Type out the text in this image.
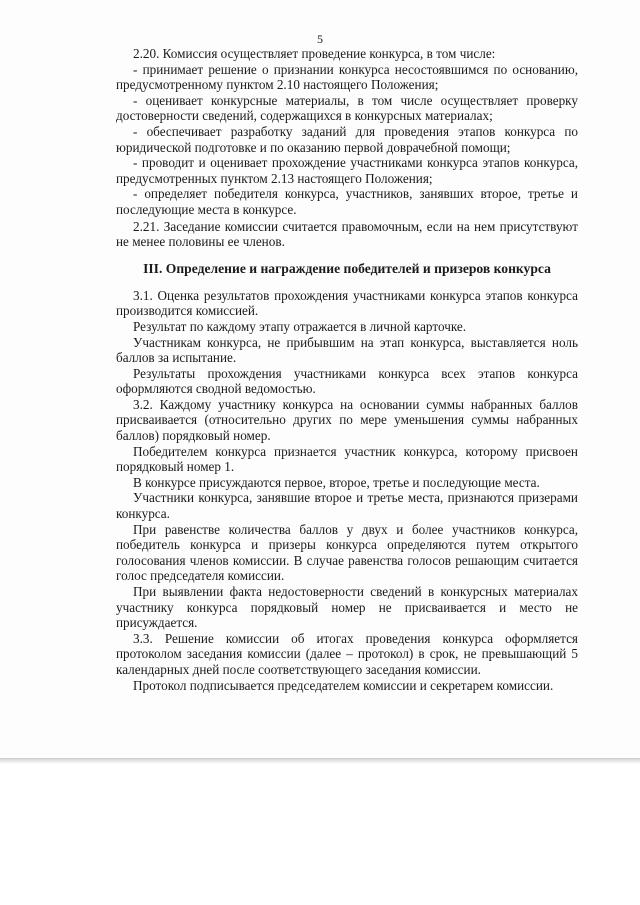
5

2.20. Комиссия осуществляет проведение конкурса, в том числе:

- принимает решение о признании конкурса несостоявшимся по основанию, предусмотренному пунктом 2.10 настоящего Положения;

- оценивает конкурсные материалы, в том числе осуществляет проверку достоверности сведений, содержащихся в конкурсных материалах;

- обеспечивает разработку заданий для проведения этапов конкурса по юридической подготовке и по оказанию первой доврачебной помощи;

- проводит и оценивает прохождение участниками конкурса этапов конкурса, предусмотренных пунктом 2.13 настоящего Положения;

- определяет победителя конкурса, участников, занявших второе, третье и последующие места в конкурсе.

2.21. Заседание комиссии считается правомочным, если на нем присутствуют не менее половины ее членов.

III. Определение и награждение победителей и призеров конкурса

3.1. Оценка результатов прохождения участниками конкурса этапов конкурса производится комиссией.

Результат по каждому этапу отражается в личной карточке.

Участникам конкурса, не прибывшим на этап конкурса, выставляется ноль баллов за испытание.

Результаты прохождения участниками конкурса всех этапов конкурса оформляются сводной ведомостью.

3.2. Каждому участнику конкурса на основании суммы набранных баллов присваивается (относительно других по мере уменьшения суммы набранных баллов) порядковый номер.

Победителем конкурса признается участник конкурса, которому присвоен порядковый номер 1.

В конкурсе присуждаются первое, второе, третье и последующие места.

Участники конкурса, занявшие второе и третье места, признаются призерами конкурса.

При равенстве количества баллов у двух и более участников конкурса, победитель конкурса и призеры конкурса определяются путем открытого голосования членов комиссии. В случае равенства голосов решающим считается голос председателя комиссии.

При выявлении факта недостоверности сведений в конкурсных материалах участнику конкурса порядковый номер не присваивается и место не присуждается.

3.3. Решение комиссии об итогах проведения конкурса оформляется протоколом заседания комиссии (далее – протокол) в срок, не превышающий 5 календарных дней после соответствующего заседания комиссии.

Протокол подписывается председателем комиссии и секретарем комиссии.
